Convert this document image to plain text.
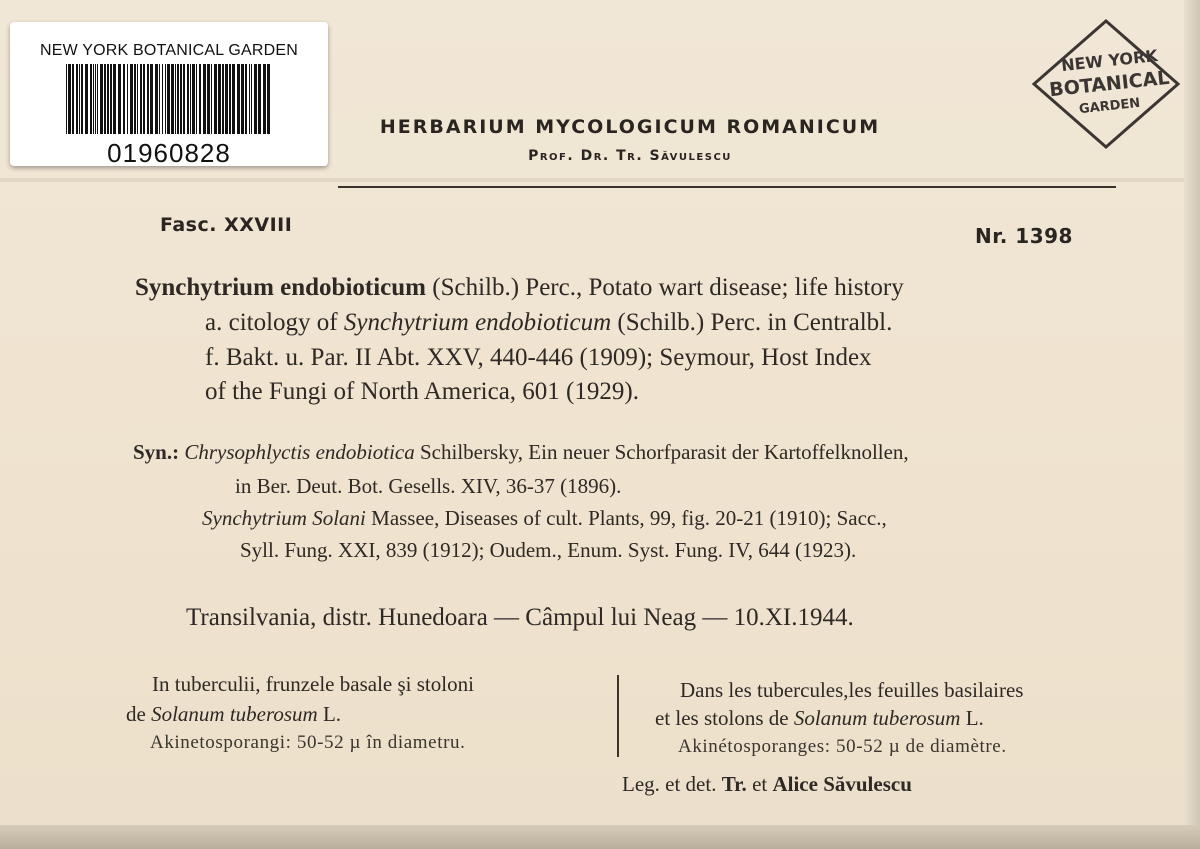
NEW YORK BOTANICAL GARDEN
01960828
NEW YORK
BOTANICAL
GARDEN
HERBARIUM MYCOLOGICUM ROMANICUM
Prof. Dr. Tr. Săvulescu
Fasc. XXVIII	Nr. 1398
Synchytrium endobioticum (Schilb.) Perc., Potato wart disease; life history
a. citology of Synchytrium endobioticum (Schilb.) Perc. in Centralbl.
f. Bakt. u. Par. II Abt. XXV, 440-446 (1909); Seymour, Host Index
of the Fungi of North America, 601 (1929).
Syn.: Chrysophlyctis endobiotica Schilbersky, Ein neuer Schorfparasit der Kartoffelknollen,
in Ber. Deut. Bot. Gesells. XIV, 36-37 (1896).
Synchytrium Solani Massee, Diseases of cult. Plants, 99, fig. 20-21 (1910); Sacc.,
Syll. Fung. XXI, 839 (1912); Oudem., Enum. Syst. Fung. IV, 644 (1923).
Transilvania, distr. Hunedoara — Câmpul lui Neag — 10.XI.1944.
In tuberculii, frunzele basale şi stoloni
de Solanum tuberosum L.
Akinetosporangi: 50-52 µ în diametru.
Dans les tubercules,les feuilles basilaires
et les stolons de Solanum tuberosum L.
Akinétosporanges: 50-52 µ de diamètre.
Leg. et det. Tr. et Alice Săvulescu
